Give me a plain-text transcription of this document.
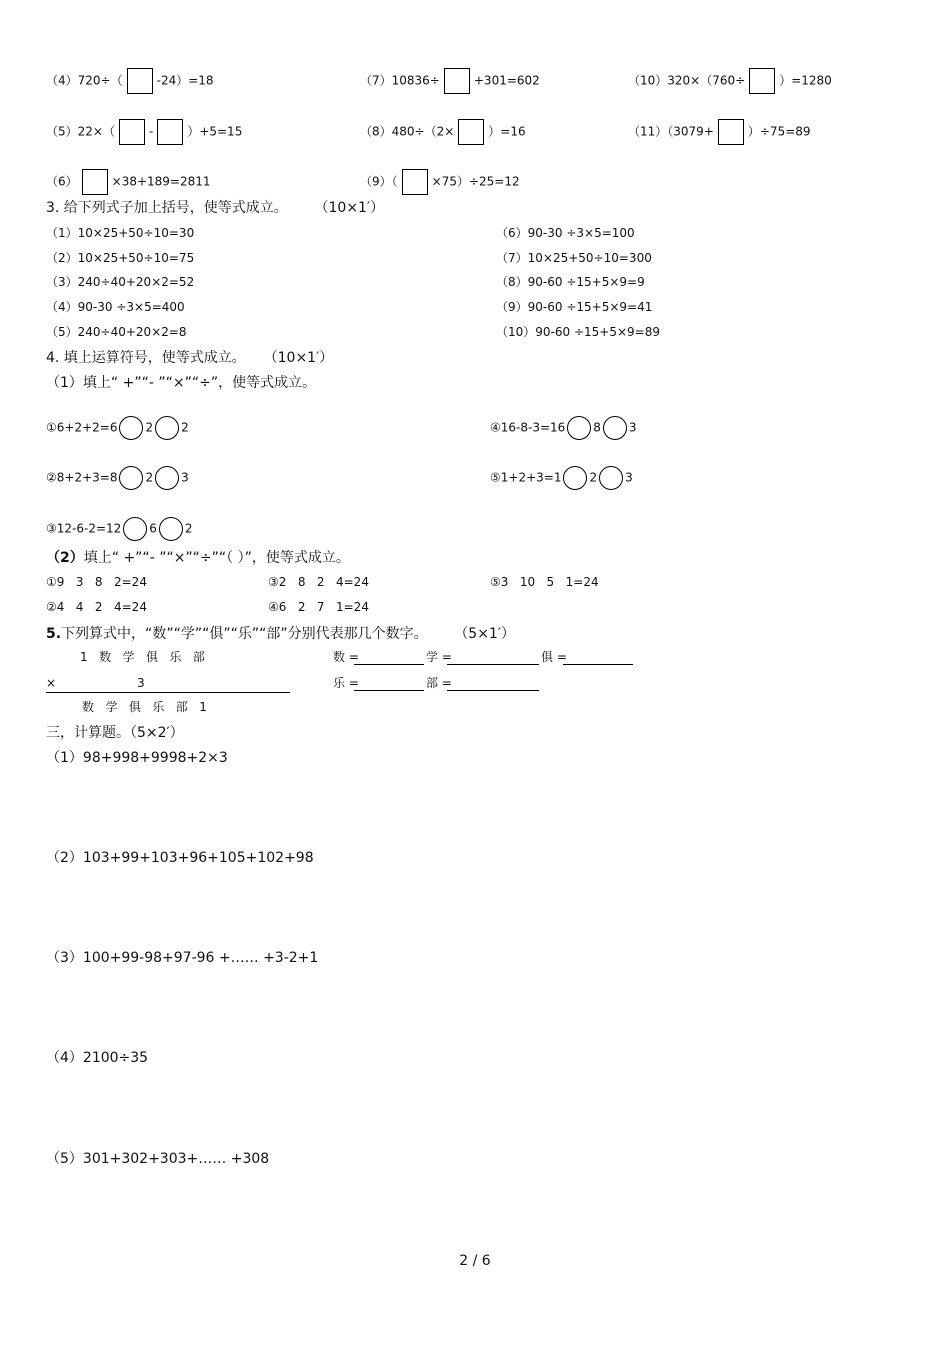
（4）720÷（	-24）=18	（7）10836÷	+301=602	（10）320×（760÷	）=1280
（5）22×（	-	）+5=15	（8）480÷（2×	）=16	（11）（3079+	）÷75=89
（6）	×38+189=2811	（9）（	×75）÷25=12
3. 给下列式子加上括号，使等式成立。 （10×1′）
（1）10×25+50÷10=30
（2）10×25+50÷10=75
（3）240÷40+20×2=52
（4）90-30 ÷3×5=400
（5）240÷40+20×2=8
（6）90-30 ÷3×5=100
（7）10×25+50÷10=300
（8）90-60 ÷15+5×9=9
（9）90-60 ÷15+5×9=41
（10）90-60 ÷15+5×9=89
4. 填上运算符号，使等式成立。 （10×1′）
（1）填上“ +”“- ”“×”“÷”，使等式成立。
①6+2+2=6 2 2	④16-8-3=16 8 3
②8+2+3=8 2 3	⑤1+2+3=1 2 3
③12-6-2=12 6 2
（2）填上“ +”“- ”“×”“÷”“（ ）”，使等式成立。
①9   3   8   2=24	③2   8   2   4=24	⑤3   10   5   1=24
②4   4   2   4=24	④6   2   7   1=24
5.下列算式中，“数”“学”“俱”“乐”“部”分别代表那几个数字。 （5×1′）
1   数   学   俱   乐   部
×	3
数   学   俱   乐   部   1
数 =	学 =	俱 =
乐 =	部 =
三，计算题。（5×2′）
（1）98+998+9998+2×3
（2）103+99+103+96+105+102+98
（3）100+99-98+97-96 +…… +3-2+1
（4）2100÷35
（5）301+302+303+…… +308
2 / 6
